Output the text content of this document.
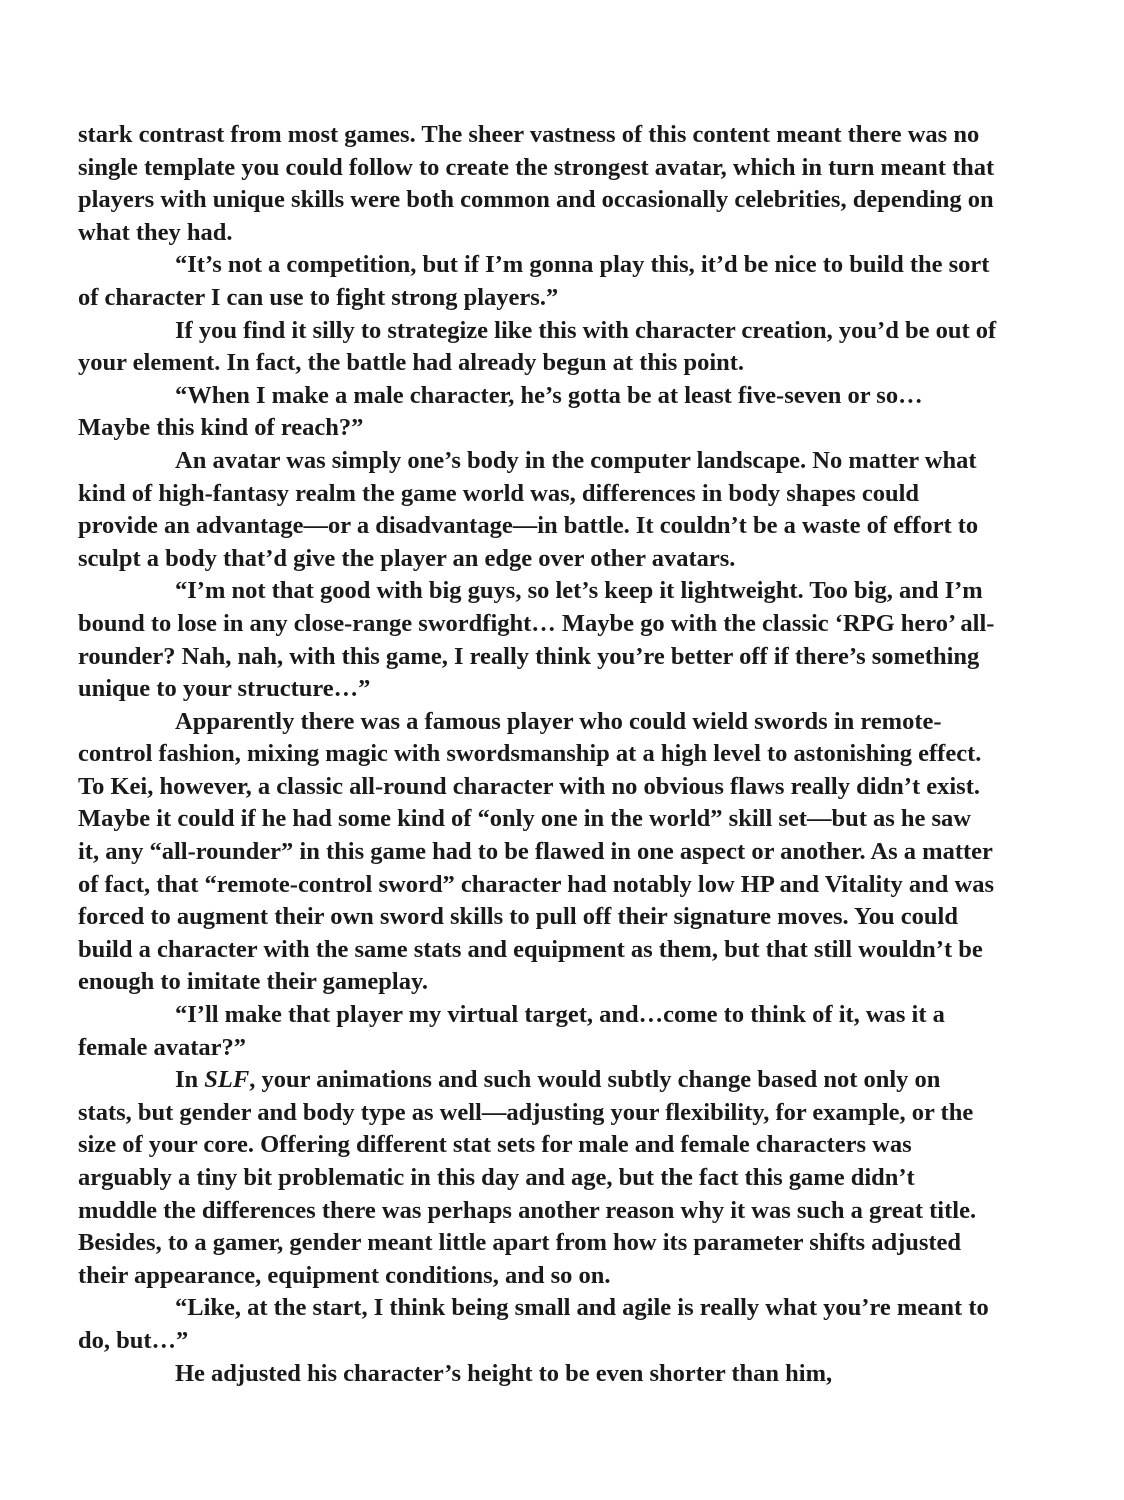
stark contrast from most games. The sheer vastness of this content meant there was no single template you could follow to create the strongest avatar, which in turn meant that players with unique skills were both common and occasionally celebrities, depending on what they had.

“It’s not a competition, but if I’m gonna play this, it’d be nice to build the sort of character I can use to fight strong players.”

If you find it silly to strategize like this with character creation, you’d be out of your element. In fact, the battle had already begun at this point.

“When I make a male character, he’s gotta be at least five-seven or so… Maybe this kind of reach?”

An avatar was simply one’s body in the computer landscape. No matter what kind of high-fantasy realm the game world was, differences in body shapes could provide an advantage—or a disadvantage—in battle. It couldn’t be a waste of effort to sculpt a body that’d give the player an edge over other avatars.

“I’m not that good with big guys, so let’s keep it lightweight. Too big, and I’m bound to lose in any close-range swordfight… Maybe go with the classic ‘RPG hero’ all-rounder? Nah, nah, with this game, I really think you’re better off if there’s something unique to your structure…”

Apparently there was a famous player who could wield swords in remote-control fashion, mixing magic with swordsmanship at a high level to astonishing effect. To Kei, however, a classic all-round character with no obvious flaws really didn’t exist. Maybe it could if he had some kind of “only one in the world” skill set—but as he saw it, any “all-rounder” in this game had to be flawed in one aspect or another. As a matter of fact, that “remote-control sword” character had notably low HP and Vitality and was forced to augment their own sword skills to pull off their signature moves. You could build a character with the same stats and equipment as them, but that still wouldn’t be enough to imitate their gameplay.

“I’ll make that player my virtual target, and…come to think of it, was it a female avatar?”

In SLF, your animations and such would subtly change based not only on stats, but gender and body type as well—adjusting your flexibility, for example, or the size of your core. Offering different stat sets for male and female characters was arguably a tiny bit problematic in this day and age, but the fact this game didn’t muddle the differences there was perhaps another reason why it was such a great title. Besides, to a gamer, gender meant little apart from how its parameter shifts adjusted their appearance, equipment conditions, and so on.

“Like, at the start, I think being small and agile is really what you’re meant to do, but…”

He adjusted his character’s height to be even shorter than him,
